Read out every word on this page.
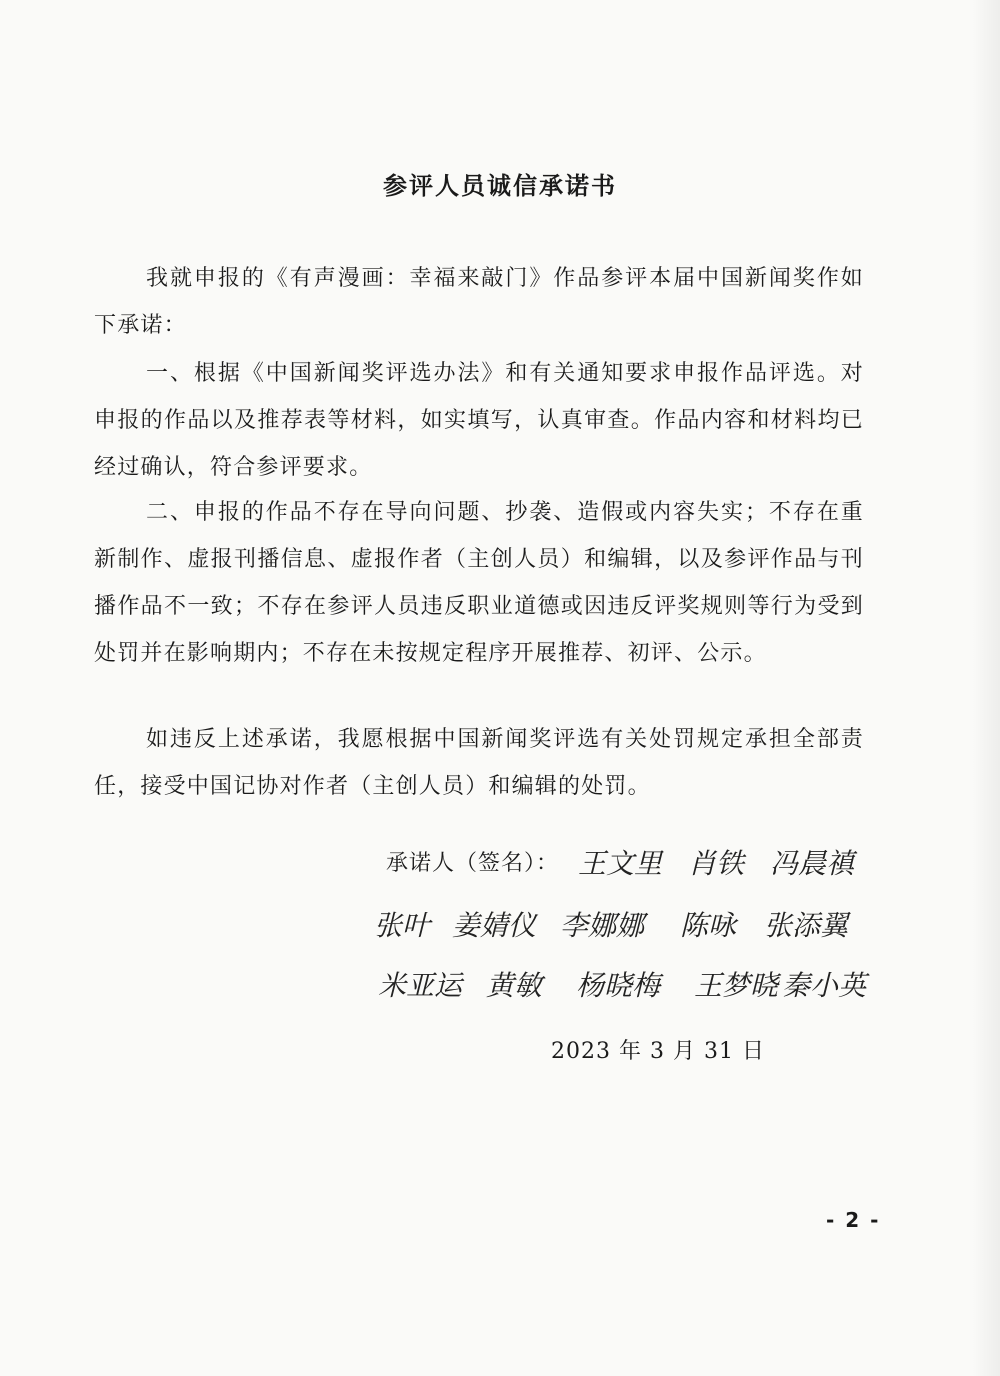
参评人员诚信承诺书

我就申报的《有声漫画：幸福来敲门》作品参评本届中国新闻奖作如下承诺：

一、根据《中国新闻奖评选办法》和有关通知要求申报作品评选。对申报的作品以及推荐表等材料，如实填写，认真审查。作品内容和材料均已经过确认，符合参评要求。

二、申报的作品不存在导向问题、抄袭、造假或内容失实；不存在重新制作、虚报刊播信息、虚报作者（主创人员）和编辑，以及参评作品与刊播作品不一致；不存在参评人员违反职业道德或因违反评奖规则等行为受到处罚并在影响期内；不存在未按规定程序开展推荐、初评、公示。

如违反上述承诺，我愿根据中国新闻奖评选有关处罚规定承担全部责任，接受中国记协对作者（主创人员）和编辑的处罚。

承诺人（签名）： 王文里 肖铁 冯晨禛
张叶 姜婧仪 李娜娜 陈咏 张添翼
米亚运 黄敏 杨晓梅 王梦晓 秦小英
2023 年 3 月 31 日
- 2 -
